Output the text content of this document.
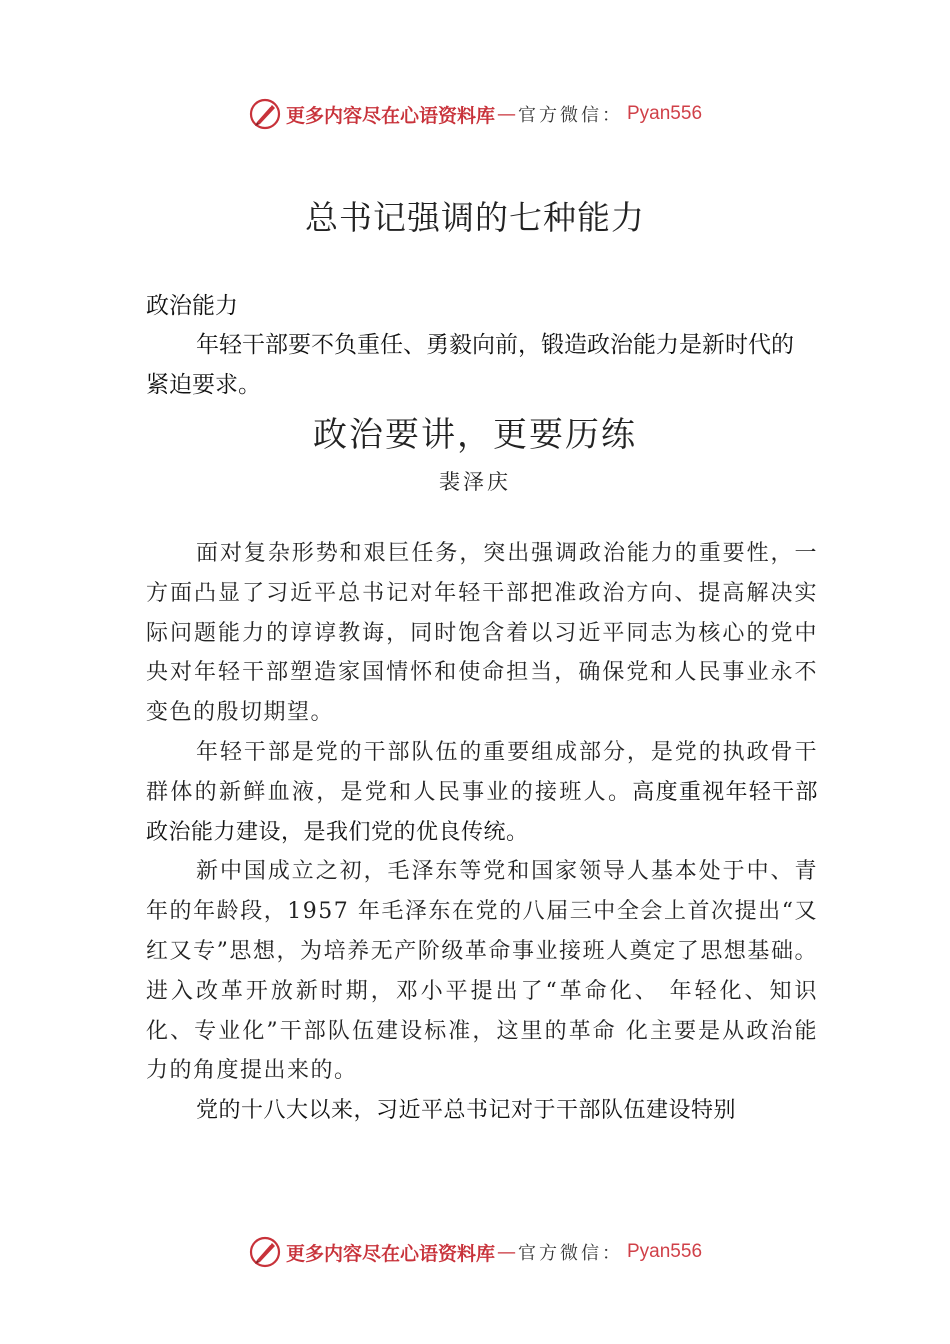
更多内容尽在心语资料库 — 官方微信： Pyan556
总书记强调的七种能力
政治能力
年轻干部要不负重任、勇毅向前，锻造政治能力是新时代的紧迫要求。
政治要讲，更要历练
裴泽庆

面对复杂形势和艰巨任务，突出强调政治能力的重要性，一方面凸显了习近平总书记对年轻干部把准政治方向、提高解决实际问题能力的谆谆教诲，同时饱含着以习近平同志为核心的党中央对年轻干部塑造家国情怀和使命担当，确保党和人民事业永不变色的殷切期望。

年轻干部是党的干部队伍的重要组成部分，是党的执政骨干群体的新鲜血液，是党和人民事业的接班人。高度重视年轻干部政治能力建设，是我们党的优良传统。

新中国成立之初，毛泽东等党和国家领导人基本处于中、青年的年龄段，1957 年毛泽东在党的八届三中全会上首次提出“又红又专”思想，为培养无产阶级革命事业接班人奠定了思想基础。进入改革开放新时期，邓小平提出了“革命化、 年轻化、知识化、专业化”干部队伍建设标准，这里的革命 化主要是从政治能力的角度提出来的。

党的十八大以来，习近平总书记对于干部队伍建设特别

更多内容尽在心语资料库 — 官方微信： Pyan556
